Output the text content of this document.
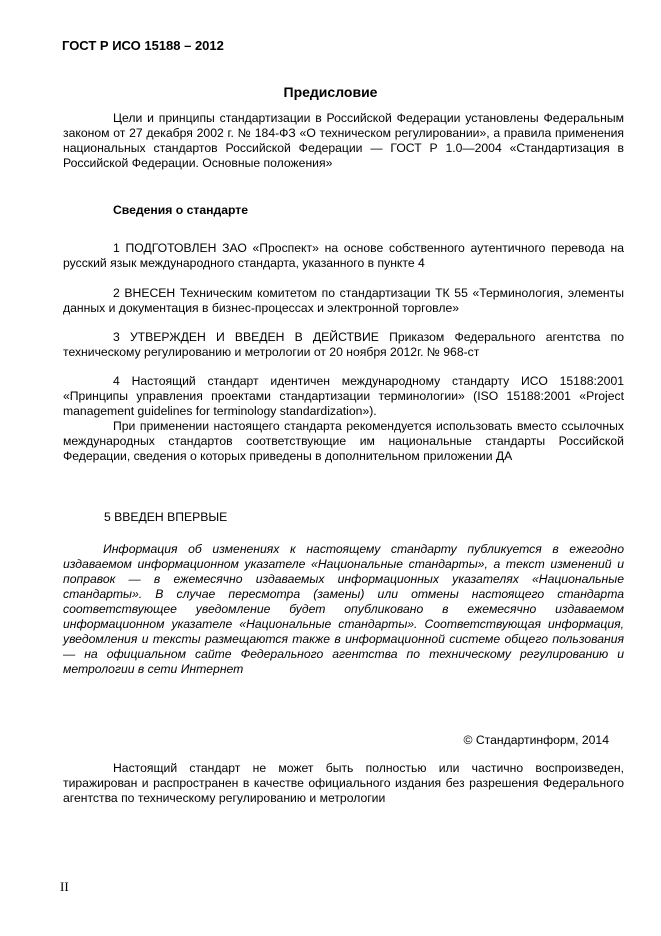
ГОСТ Р ИСО 15188 – 2012
Предисловие
Цели и принципы стандартизации в Российской Федерации установлены Федеральным законом от 27 декабря 2002 г. № 184-ФЗ «О техническом регулировании», а правила применения национальных стандартов Российской Федерации — ГОСТ Р 1.0—2004 «Стандартизация в Российской Федерации. Основные положения»
Сведения о стандарте
1 ПОДГОТОВЛЕН ЗАО «Проспект» на основе собственного аутентичного перевода на русский язык международного стандарта, указанного в пункте 4
2 ВНЕСЕН Техническим комитетом по стандартизации ТК 55 «Терминология, элементы данных и документация в бизнес-процессах и электронной торговле»
3 УТВЕРЖДЕН И ВВЕДЕН В ДЕЙСТВИЕ Приказом Федерального агентства по техническому регулированию и метрологии от 20 ноября 2012г. № 968-ст
4 Настоящий стандарт идентичен международному стандарту ИСО 15188:2001 «Принципы управления проектами стандартизации терминологии» (ISO 15188:2001 «Project management guidelines for terminology standardization»).
При применении настоящего стандарта рекомендуется использовать вместо ссылочных международных стандартов соответствующие им национальные стандарты Российской Федерации, сведения о которых приведены в дополнительном приложении ДА
5 ВВЕДЕН ВПЕРВЫЕ
Информация об изменениях к настоящему стандарту публикуется в ежегодно издаваемом информационном указателе «Национальные стандарты», а текст изменений и поправок — в ежемесячно издаваемых информационных указателях «Национальные стандарты». В случае пересмотра (замены) или отмены настоящего стандарта соответствующее уведомление будет опубликовано в ежемесячно издаваемом информационном указателе «Национальные стандарты». Соответствующая информация, уведомления и тексты размещаются также в информационной системе общего пользования — на официальном сайте Федерального агентства по техническому регулированию и метрологии в сети Интернет
© Стандартинформ, 2014
Настоящий стандарт не может быть полностью или частично воспроизведен, тиражирован и распространен в качестве официального издания без разрешения Федерального агентства по техническому регулированию и метрологии
II
